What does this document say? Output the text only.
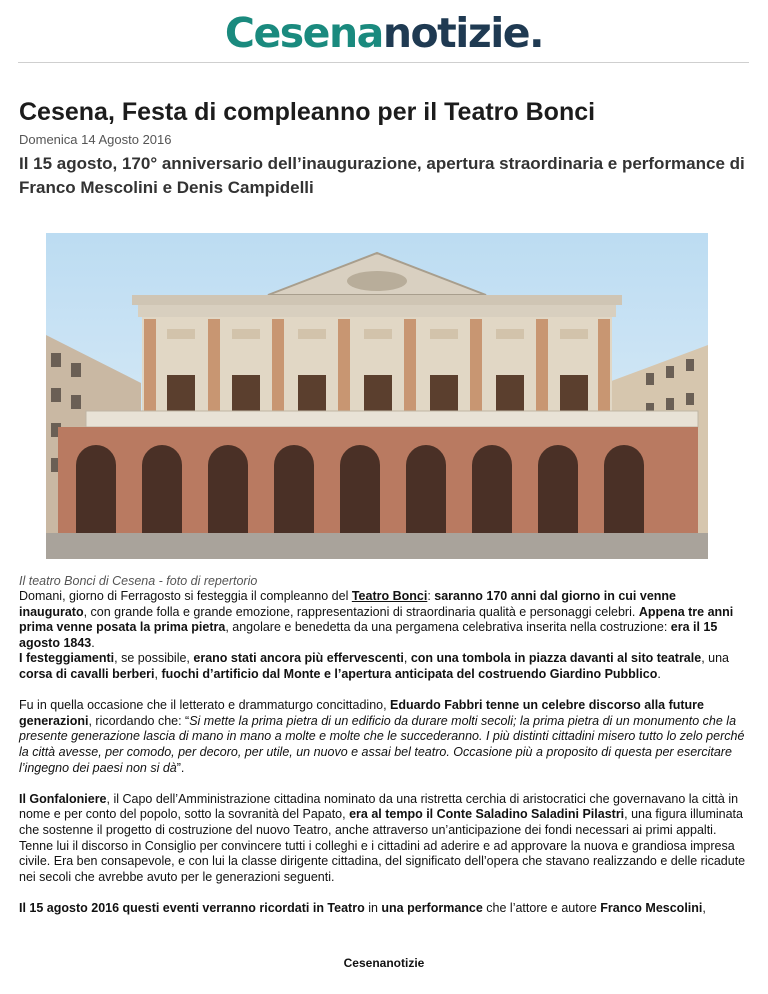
Cesenanotizie.
Cesena, Festa di compleanno per il Teatro Bonci
Domenica 14 Agosto 2016
Il 15 agosto, 170° anniversario dell’inaugurazione, apertura straordinaria e performance di Franco Mescolini e Denis Campidelli
Il teatro Bonci di Cesena - foto di repertorio

Domani, giorno di Ferragosto si festeggia il compleanno del Teatro Bonci: saranno 170 anni dal giorno in cui venne inaugurato, con grande folla e grande emozione, rappresentazioni di straordinaria qualità e personaggi celebri. Appena tre anni prima venne posata la prima pietra, angolare e benedetta da una pergamena celebrativa inserita nella costruzione: era il 15 agosto 1843.
I festeggiamenti, se possibile, erano stati ancora più effervescenti, con una tombola in piazza davanti al sito teatrale, una corsa di cavalli berberi, fuochi d’artificio dal Monte e l’apertura anticipata del costruendo Giardino Pubblico.

Fu in quella occasione che il letterato e drammaturgo concittadino, Eduardo Fabbri tenne un celebre discorso alla future generazioni, ricordando che: “Si mette la prima pietra di un edificio da durare molti secoli; la prima pietra di un monumento che la presente generazione lascia di mano in mano a molte e molte che le succederanno. I più distinti cittadini misero tutto lo zelo perché la città avesse, per comodo, per decoro, per utile, un nuovo e assai bel teatro. Occasione più a proposito di questa per esercitare l’ingegno dei paesi non si dà”.

Il Gonfaloniere, il Capo dell’Amministrazione cittadina nominato da una ristretta cerchia di aristocratici che governavano la città in nome e per conto del popolo, sotto la sovranità del Papato, era al tempo il Conte Saladino Saladini Pilastri, una figura illuminata che sostenne il progetto di costruzione del nuovo Teatro, anche attraverso un’anticipazione dei fondi necessari ai primi appalti. Tenne lui il discorso in Consiglio per convincere tutti i colleghi e i cittadini ad aderire e ad approvare la nuova e grandiosa impresa civile. Era ben consapevole, e con lui la classe dirigente cittadina, del significato dell’opera che stavano realizzando e delle ricadute nei secoli che avrebbe avuto per le generazioni seguenti.

Il 15 agosto 2016 questi eventi verranno ricordati in Teatro in una performance che l’attore e autore Franco Mescolini,

Cesenanotizie
